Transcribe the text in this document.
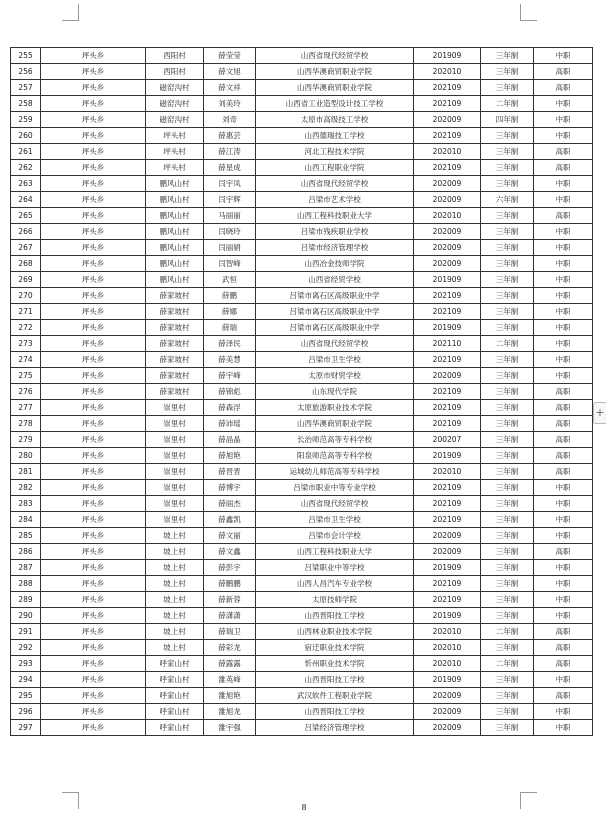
+
255	坪头乡	西阳村	薛莹莹	山西省现代经贸学校	201909	三年制	中职
256	坪头乡	西阳村	薛文旭	山西华澳商贸职业学院	202010	三年制	高职
257	坪头乡	磁窑沟村	薛文祥	山西华澳商贸职业学院	202109	三年制	高职
258	坪头乡	磁窑沟村	刘美玲	山西省工业造型设计技工学校	202109	二年制	中职
259	坪头乡	磁窑沟村	刘奇	太原市高级技工学校	202009	四年制	中职
260	坪头乡	坪头村	薛惠芸	山西德瑞技工学校	202109	三年制	中职
261	坪头乡	坪头村	薛江涛	河北工程技术学院	202010	三年制	高职
262	坪头乡	坪头村	薛星成	山西工程职业学院	202109	三年制	高职
263	坪头乡	鹏风山村	闫宇凤	山西省现代经贸学校	202009	三年制	中职
264	坪头乡	鹏风山村	闫宇辉	吕梁市艺术学校	202009	六年制	中职
265	坪头乡	鹏风山村	马丽丽	山西工程科技职业大学	202010	三年制	高职
266	坪头乡	鹏风山村	闫晓玲	吕梁市残疾职业学校	202009	三年制	中职
267	坪头乡	鹏风山村	闫丽娟	吕梁市经济管理学校	202009	三年制	中职
268	坪头乡	鹏风山村	闫智峰	山西冶金技师学院	202009	三年制	中职
269	坪头乡	鹏风山村	武恒	山西省经贸学校	201909	三年制	中职
270	坪头乡	薛家坡村	薛鹏	吕梁市离石区高级职业中学	202109	三年制	中职
271	坪头乡	薛家坡村	薛娜	吕梁市离石区高级职业中学	202109	三年制	中职
272	坪头乡	薛家坡村	薛瑞	吕梁市离石区高级职业中学	201909	三年制	中职
273	坪头乡	薛家坡村	薛泽民	山西省现代经贸学校	202110	二年制	中职
274	坪头乡	薛家坡村	薛美慧	吕梁市卫生学校	202109	三年制	中职
275	坪头乡	薛家坡村	薛宇峰	太原市财贸学校	202009	三年制	中职
276	坪头乡	薛家坡村	薛锦彪	山东现代学院	202109	三年制	高职
277	坪头乡	崇里村	薛森浮	太原旅游职业技术学院	202109	三年制	高职
278	坪头乡	崇里村	薛沛瑶	山西华澳商贸职业学院	202109	三年制	高职
279	坪头乡	崇里村	薛晶晶	长治师范高等专科学校	200207	三年制	高职
280	坪头乡	崇里村	薛旭艳	阳泉师范高等专科学校	201909	三年制	高职
281	坪头乡	崇里村	薛晋晋	运城幼儿师范高等专科学校	202010	三年制	高职
282	坪头乡	崇里村	薛博宇	吕梁市职业中等专业学校	202109	三年制	中职
283	坪头乡	崇里村	薛丽杰	山西省现代经贸学校	202109	三年制	中职
284	坪头乡	崇里村	薛鑫凯	吕梁市卫生学校	202109	三年制	中职
285	坪头乡	坡上村	薛文丽	吕梁市会计学校	202009	三年制	中职
286	坪头乡	坡上村	薛文鑫	山西工程科技职业大学	202009	三年制	高职
287	坪头乡	坡上村	薛彭宇	吕梁职业中等学校	201909	三年制	中职
288	坪头乡	坡上村	薛鹏鹏	山西人昌汽车专业学校	202109	三年制	中职
289	坪头乡	坡上村	薛新蓉	太原技师学院	202109	三年制	中职
290	坪头乡	坡上村	薛潇潇	山西晋阳技工学校	201909	三年制	中职
291	坪头乡	坡上村	薛瑞卫	山西林业职业技术学院	202010	二年制	高职
292	坪头乡	坡上村	薛彩龙	宿迁职业技术学院	202010	三年制	高职
293	坪头乡	呼家山村	薛露露	忻州职业技术学院	202010	二年制	高职
294	坪头乡	呼家山村	雒英峰	山西晋阳技工学校	201909	三年制	中职
295	坪头乡	呼家山村	雒旭艳	武汉软件工程职业学院	202009	三年制	高职
296	坪头乡	呼家山村	雒旭龙	山西晋阳技工学校	202009	三年制	中职
297	坪头乡	呼家山村	雒宇强	吕梁经济管理学校	202009	三年制	中职
8
